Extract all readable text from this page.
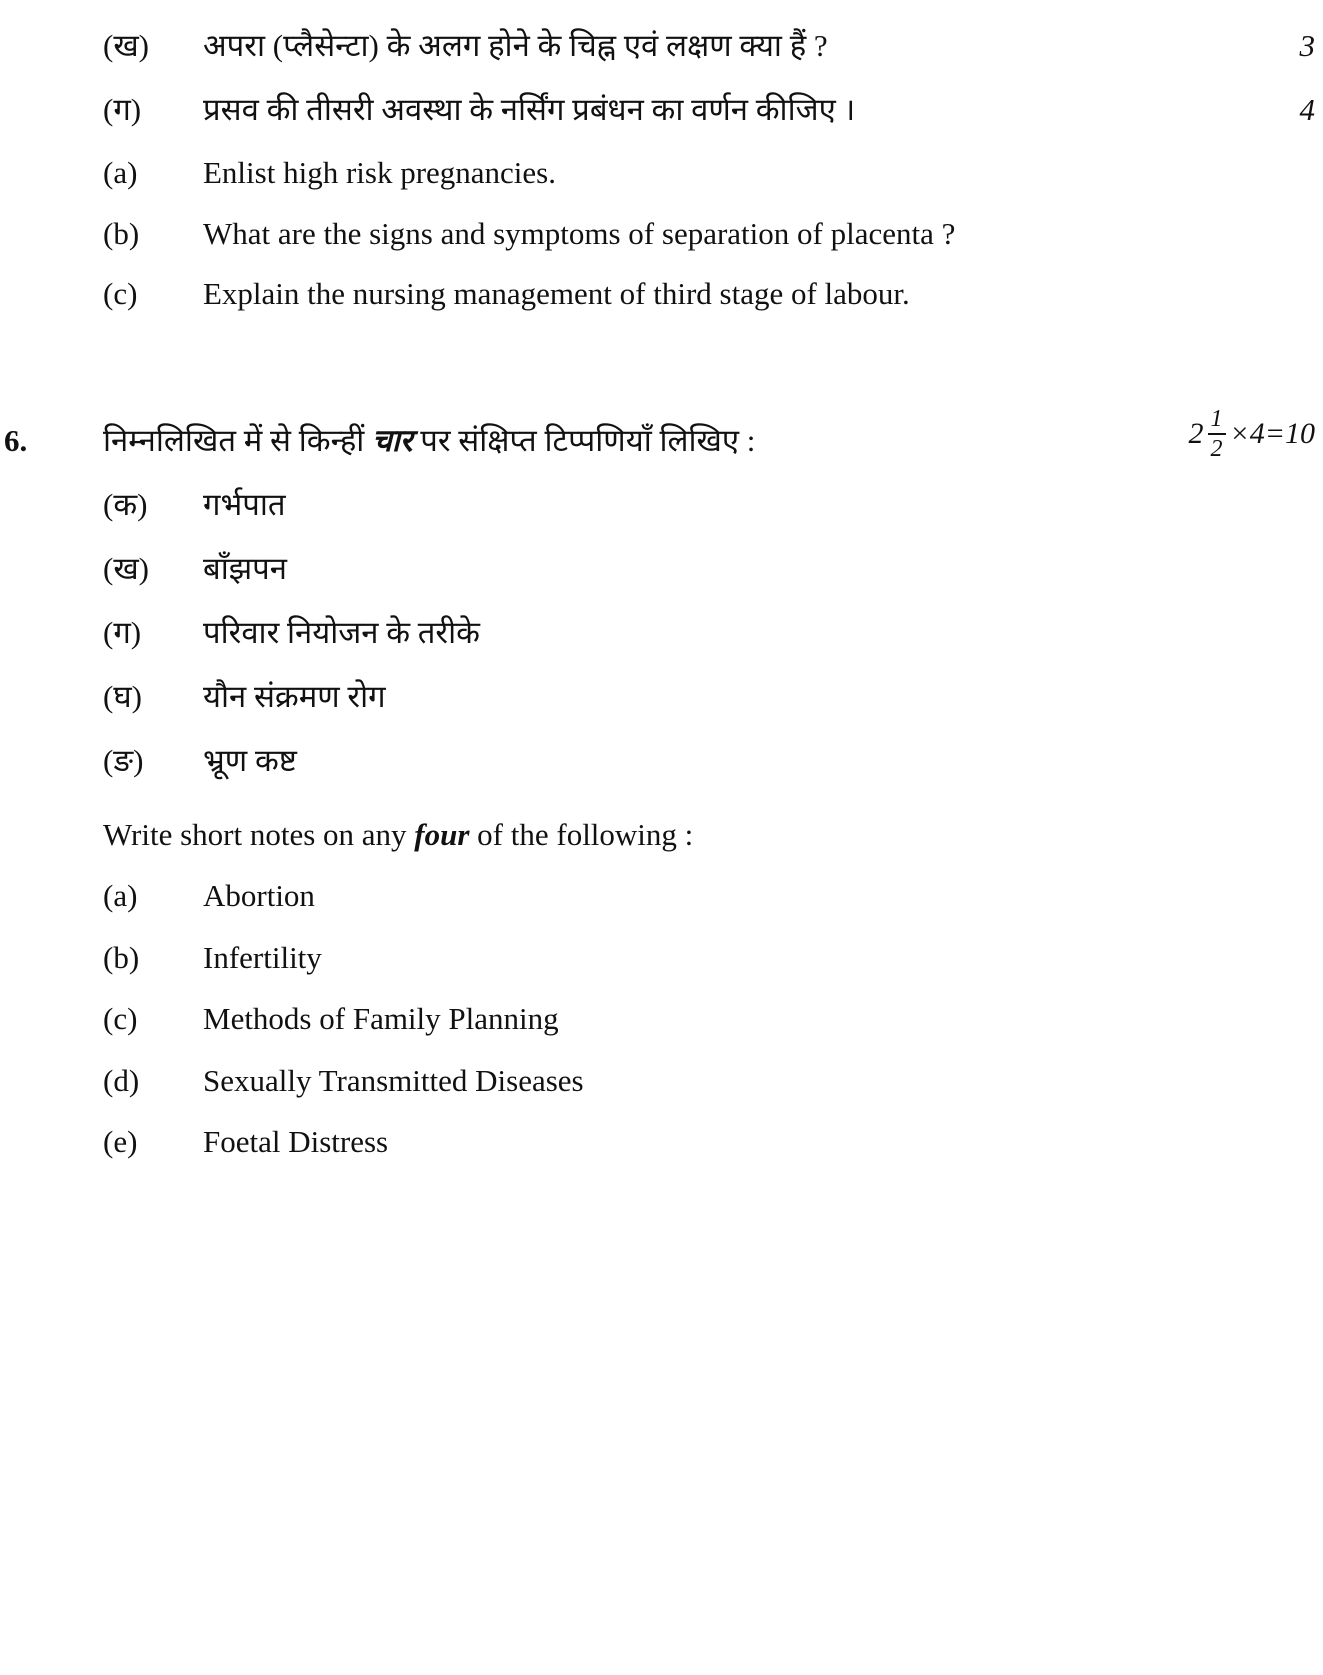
(ख) अपरा (प्लैसेन्टा) के अलग होने के चिह्न एवं लक्षण क्या हैं ?	3
(ग) प्रसव की तीसरी अवस्था के नर्सिंग प्रबंधन का वर्णन कीजिए ।	4
(a) Enlist high risk pregnancies.
(b) What are the signs and symptoms of separation of placenta ?
(c) Explain the nursing management of third stage of labour.
6. निम्नलिखित में से किन्हीं चार पर संक्षिप्त टिप्पणियाँ लिखिए :	$2 \frac{1}{2} \times 4=10$
(क) गर्भपात
(ख) बाँझपन
(ग) परिवार नियोजन के तरीके
(घ) यौन संक्रमण रोग
(ङ) भ्रूण कष्ट
Write short notes on any four of the following :
(a) Abortion
(b) Infertility
(c) Methods of Family Planning
(d) Sexually Transmitted Diseases
(e) Foetal Distress
